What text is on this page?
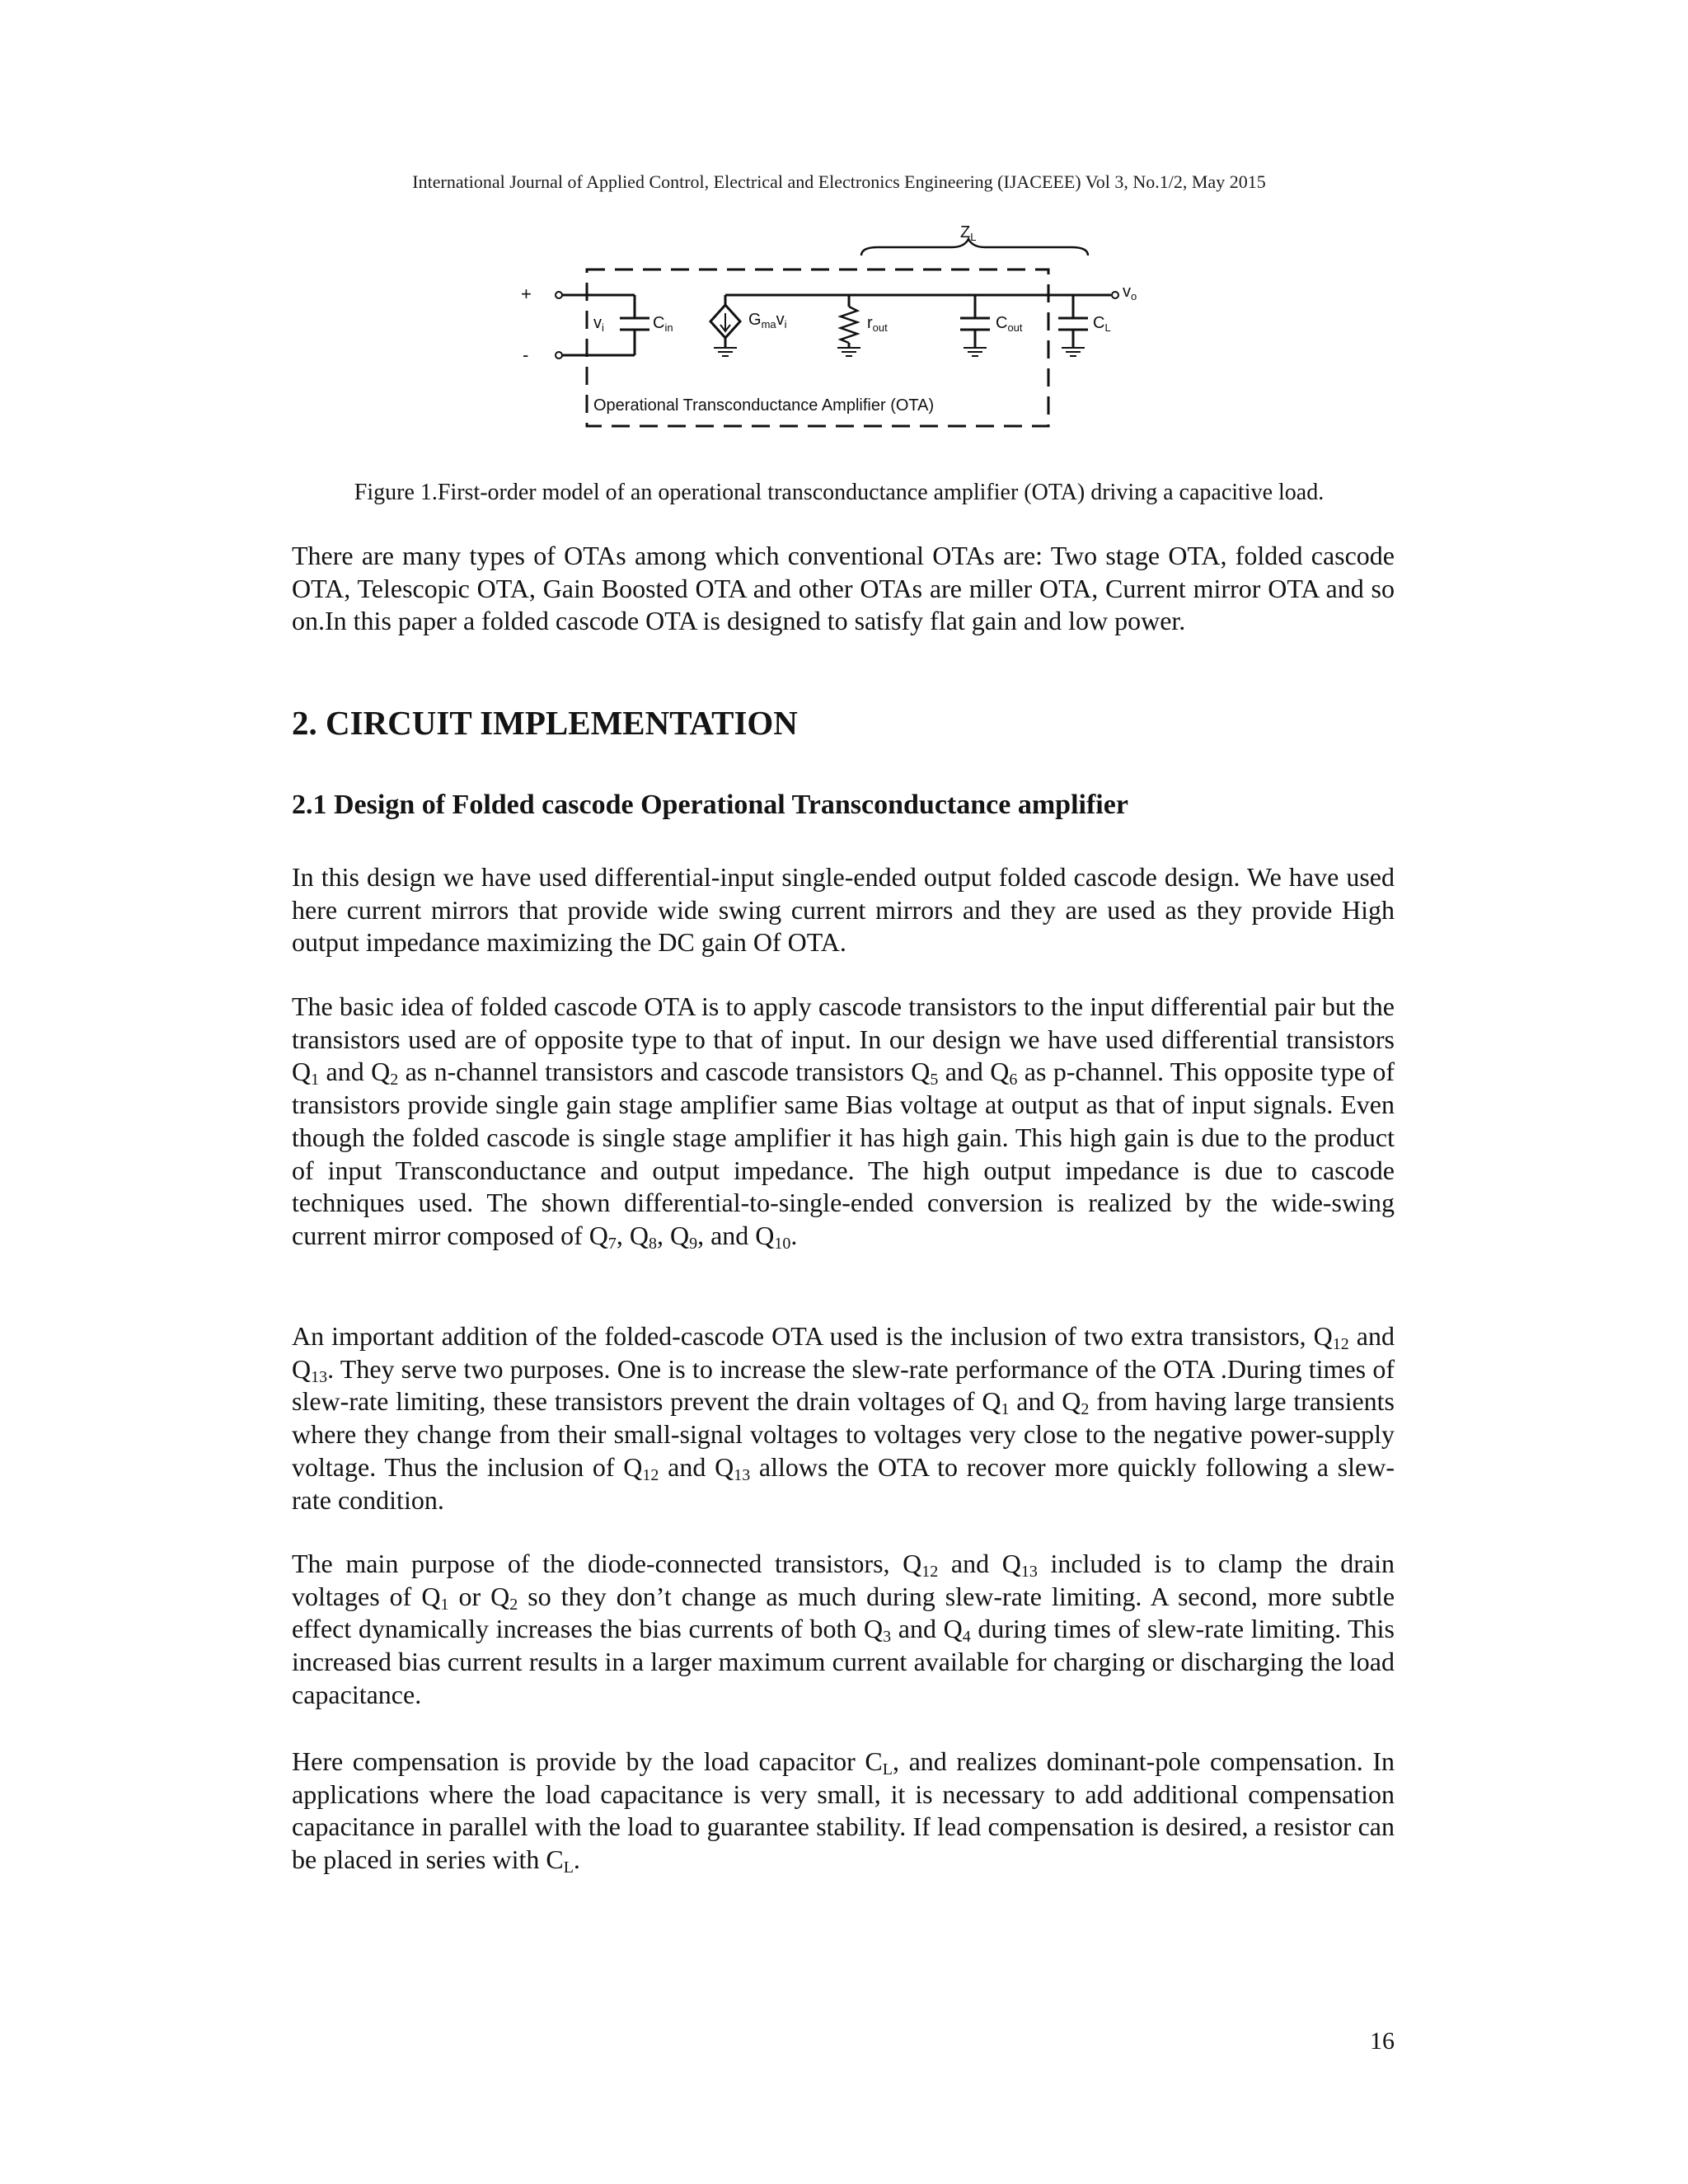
International Journal of Applied Control, Electrical and Electronics Engineering (IJACEEE) Vol 3, No.1/2, May 2015
$Z_L$
+
-
$v_o$
$v_i$	$C_{in}$	$G_{ma}v_i$	$r_{out}$	$C_{out}$	$C_L$
Operational Transconductance Amplifier (OTA)
Figure 1.First-order model of an operational transconductance amplifier (OTA) driving a capacitive load.
There are many types of OTAs among which conventional OTAs are: Two stage OTA, folded cascode OTA, Telescopic OTA, Gain Boosted OTA and other OTAs are miller OTA, Current mirror OTA and so on.In this paper a folded cascode OTA is designed to satisfy flat gain and low power.
2. CIRCUIT IMPLEMENTATION
2.1 Design of Folded cascode Operational Transconductance amplifier
In this design we have used differential-input single-ended output folded cascode design. We have used here current mirrors that provide wide swing current mirrors and they are used as they provide High output impedance maximizing the DC gain Of OTA.
The basic idea of folded cascode OTA is to apply cascode transistors to the input differential pair but the transistors used are of opposite type to that of input. In our design we have used differential transistors $Q_1$ and $Q_2$ as n-channel transistors and cascode transistors $Q_5$ and $Q_6$ as p-channel. This opposite type of transistors provide single gain stage amplifier same Bias voltage at output as that of input signals. Even though the folded cascode is single stage amplifier it has high gain. This high gain is due to the product of input Transconductance and output impedance. The high output impedance is due to cascode techniques used. The shown differential-to-single-ended conversion is realized by the wide-swing current mirror composed of $Q_7$, $Q_8$, $Q_9$, and $Q_{10}$.
An important addition of the folded-cascode OTA used is the inclusion of two extra transistors, $Q_{12}$ and $Q_{13}$. They serve two purposes. One is to increase the slew-rate performance of the OTA .During times of slew-rate limiting, these transistors prevent the drain voltages of $Q_1$ and $Q_2$ from having large transients where they change from their small-signal voltages to voltages very close to the negative power-supply voltage. Thus the inclusion of $Q_{12}$ and $Q_{13}$ allows the OTA to recover more quickly following a slew-rate condition.
The main purpose of the diode-connected transistors, $Q_{12}$ and $Q_{13}$ included is to clamp the drain voltages of $Q_1$ or $Q_2$ so they don’t change as much during slew-rate limiting. A second, more subtle effect dynamically increases the bias currents of both $Q_3$ and $Q_4$ during times of slew-rate limiting. This increased bias current results in a larger maximum current available for charging or discharging the load capacitance.
Here compensation is provide by the load capacitor $C_L$, and realizes dominant-pole compensation. In applications where the load capacitance is very small, it is necessary to add additional compensation capacitance in parallel with the load to guarantee stability. If lead compensation is desired, a resistor can be placed in series with $C_L$.
16
